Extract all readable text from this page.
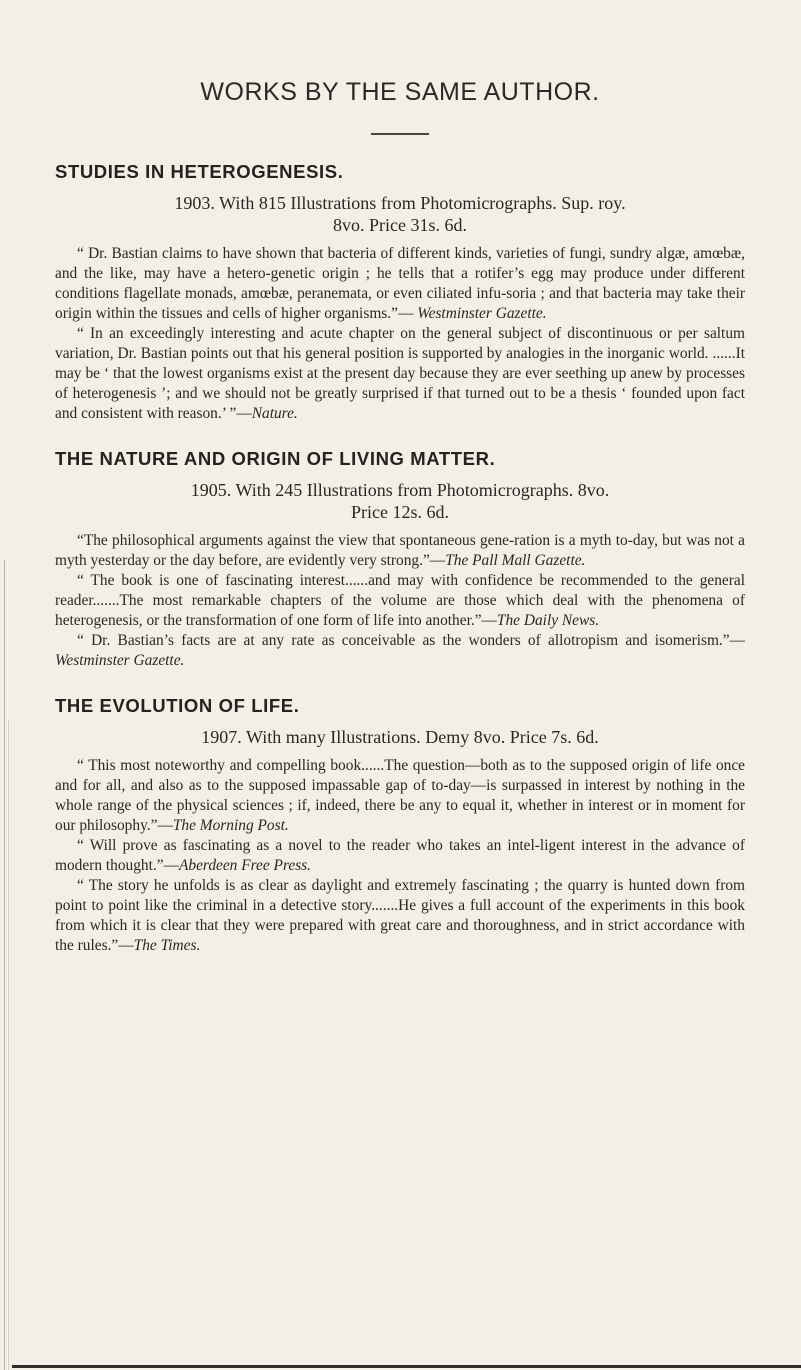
WORKS BY THE SAME AUTHOR.
STUDIES IN HETEROGENESIS.

1903. With 815 Illustrations from Photomicrographs. Sup. roy.
8vo. Price 31s. 6d.

“ Dr. Bastian claims to have shown that bacteria of different kinds, varieties of fungi, sundry algæ, amœbæ, and the like, may have a hetero-genetic origin ; he tells that a rotifer’s egg may produce under different conditions flagellate monads, amœbæ, peranemata, or even ciliated infu-soria ; and that bacteria may take their origin within the tissues and cells of higher organisms.”— Westminster Gazette.

“ In an exceedingly interesting and acute chapter on the general subject of discontinuous or per saltum variation, Dr. Bastian points out that his general position is supported by analogies in the inorganic world. ......It may be ‘ that the lowest organisms exist at the present day because they are ever seething up anew by processes of heterogenesis ’; and we should not be greatly surprised if that turned out to be a thesis ‘ founded upon fact and consistent with reason.’ ”—Nature.

THE NATURE AND ORIGIN OF LIVING MATTER.

1905. With 245 Illustrations from Photomicrographs. 8vo.
Price 12s. 6d.

“The philosophical arguments against the view that spontaneous gene-ration is a myth to-day, but was not a myth yesterday or the day before, are evidently very strong.”—The Pall Mall Gazette.

“ The book is one of fascinating interest......and may with confidence be recommended to the general reader.......The most remarkable chapters of the volume are those which deal with the phenomena of heterogenesis, or the transformation of one form of life into another.”—The Daily News.

“ Dr. Bastian’s facts are at any rate as conceivable as the wonders of allotropism and isomerism.”— Westminster Gazette.

THE EVOLUTION OF LIFE.

1907. With many Illustrations. Demy 8vo. Price 7s. 6d.

“ This most noteworthy and compelling book......The question—both as to the supposed origin of life once and for all, and also as to the supposed impassable gap of to-day—is surpassed in interest by nothing in the whole range of the physical sciences ; if, indeed, there be any to equal it, whether in interest or in moment for our philosophy.”—The Morning Post.

“ Will prove as fascinating as a novel to the reader who takes an intel-ligent interest in the advance of modern thought.”—Aberdeen Free Press.

“ The story he unfolds is as clear as daylight and extremely fascinating ; the quarry is hunted down from point to point like the criminal in a detective story.......He gives a full account of the experiments in this book from which it is clear that they were prepared with great care and thoroughness, and in strict accordance with the rules.”—The Times.
